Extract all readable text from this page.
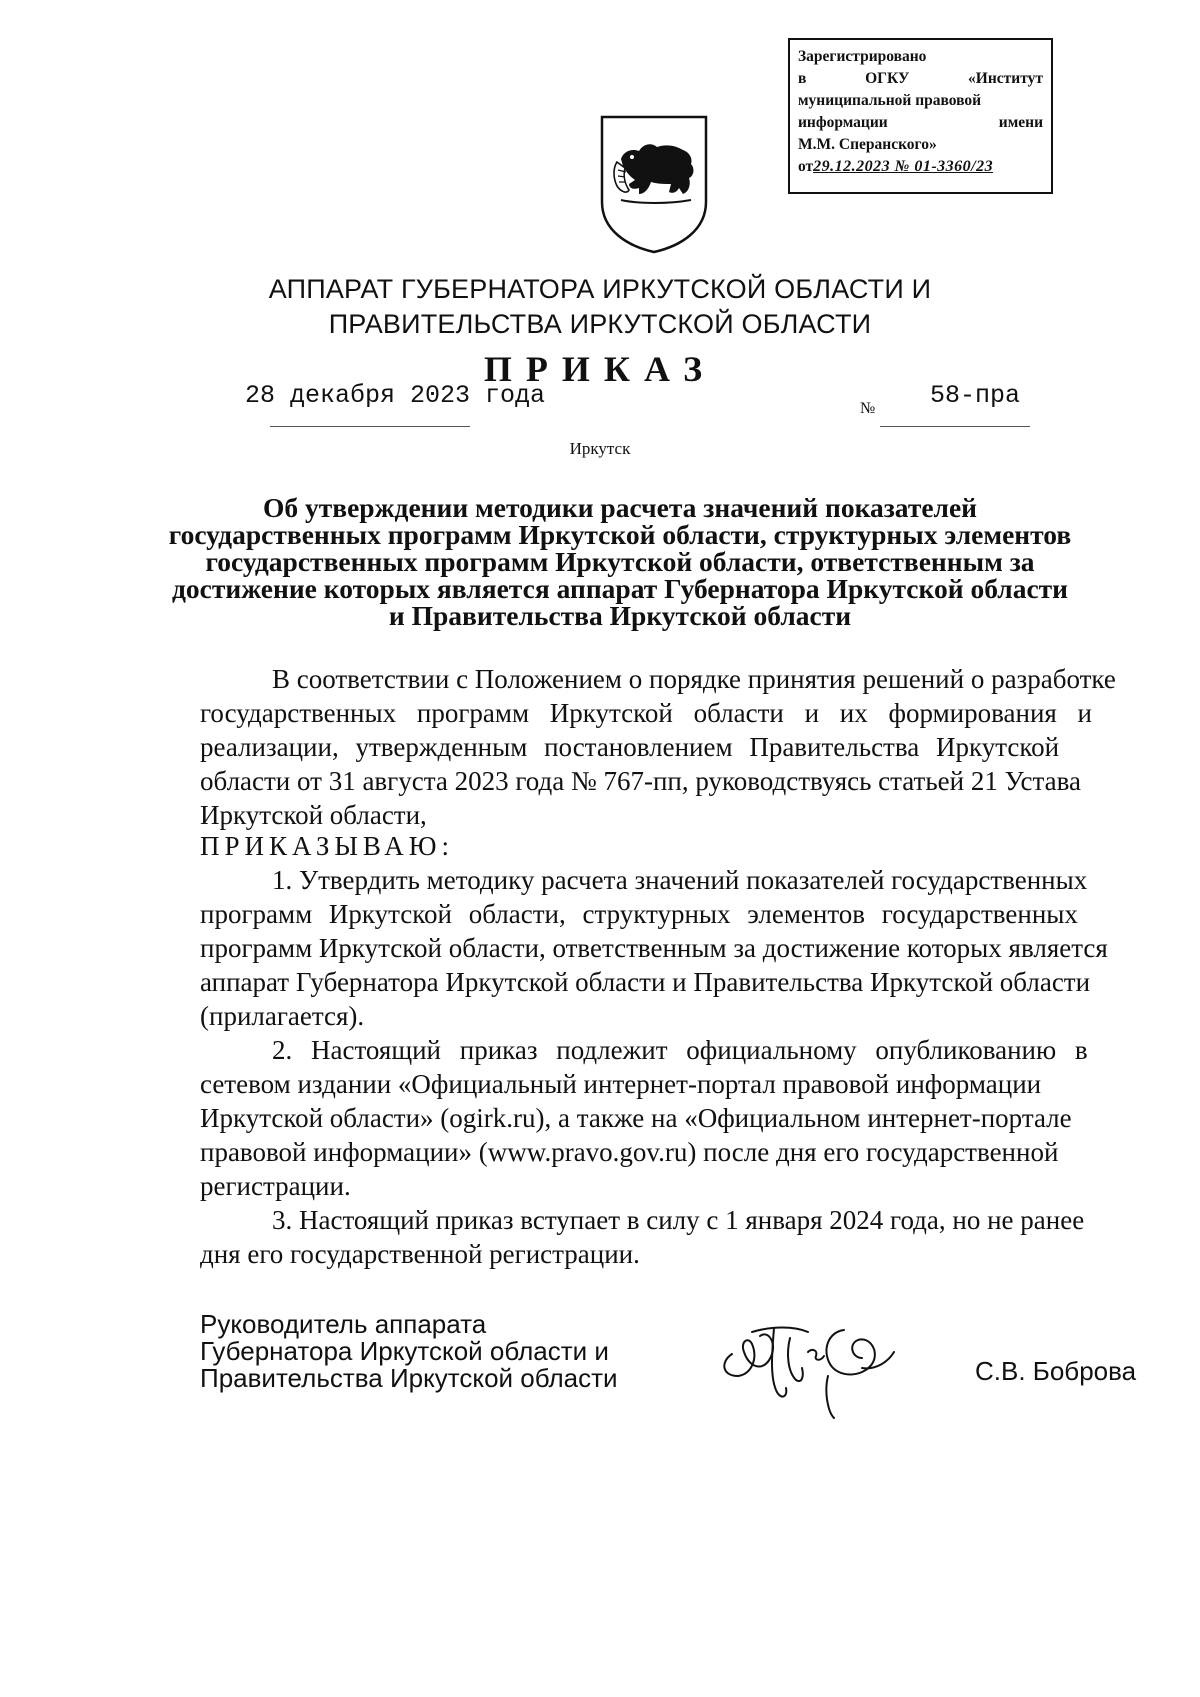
Зарегистрировано
в	ОГКУ	«Институт
муниципальной правовой
информации	имени
М.М. Сперанского»
от29.12.2023 № 01-3360/23
АППАРАТ ГУБЕРНАТОРА ИРКУТСКОЙ ОБЛАСТИ И
ПРАВИТЕЛЬСТВА ИРКУТСКОЙ ОБЛАСТИ
ПРИКАЗ
28 декабря 2023 года	№ 58-пра
Иркутск
Об утверждении методики расчета значений показателей
государственных программ Иркутской области, структурных элементов
государственных программ Иркутской области, ответственным за
достижение которых является аппарат Губернатора Иркутской области
и Правительства Иркутской области
В соответствии с Положением о порядке принятия решений о разработке
государственных программ Иркутской области и их формирования и
реализации, утвержденным постановлением Правительства Иркутской
области от 31 августа 2023 года № 767-пп, руководствуясь статьей 21 Устава
Иркутской области,
ПРИКАЗЫВАЮ:
1. Утвердить методику расчета значений показателей государственных
программ Иркутской области, структурных элементов государственных
программ Иркутской области, ответственным за достижение которых является
аппарат Губернатора Иркутской области и Правительства Иркутской области
(прилагается).
2. Настоящий приказ подлежит официальному опубликованию в
сетевом издании «Официальный интернет-портал правовой информации
Иркутской области» (ogirk.ru), а также на «Официальном интернет-портале
правовой информации» (www.pravo.gov.ru) после дня его государственной
регистрации.
3. Настоящий приказ вступает в силу с 1 января 2024 года, но не ранее
дня его государственной регистрации.
Руководитель аппарата
Губернатора Иркутской области и
Правительства Иркутской области	С.В. Боброва
